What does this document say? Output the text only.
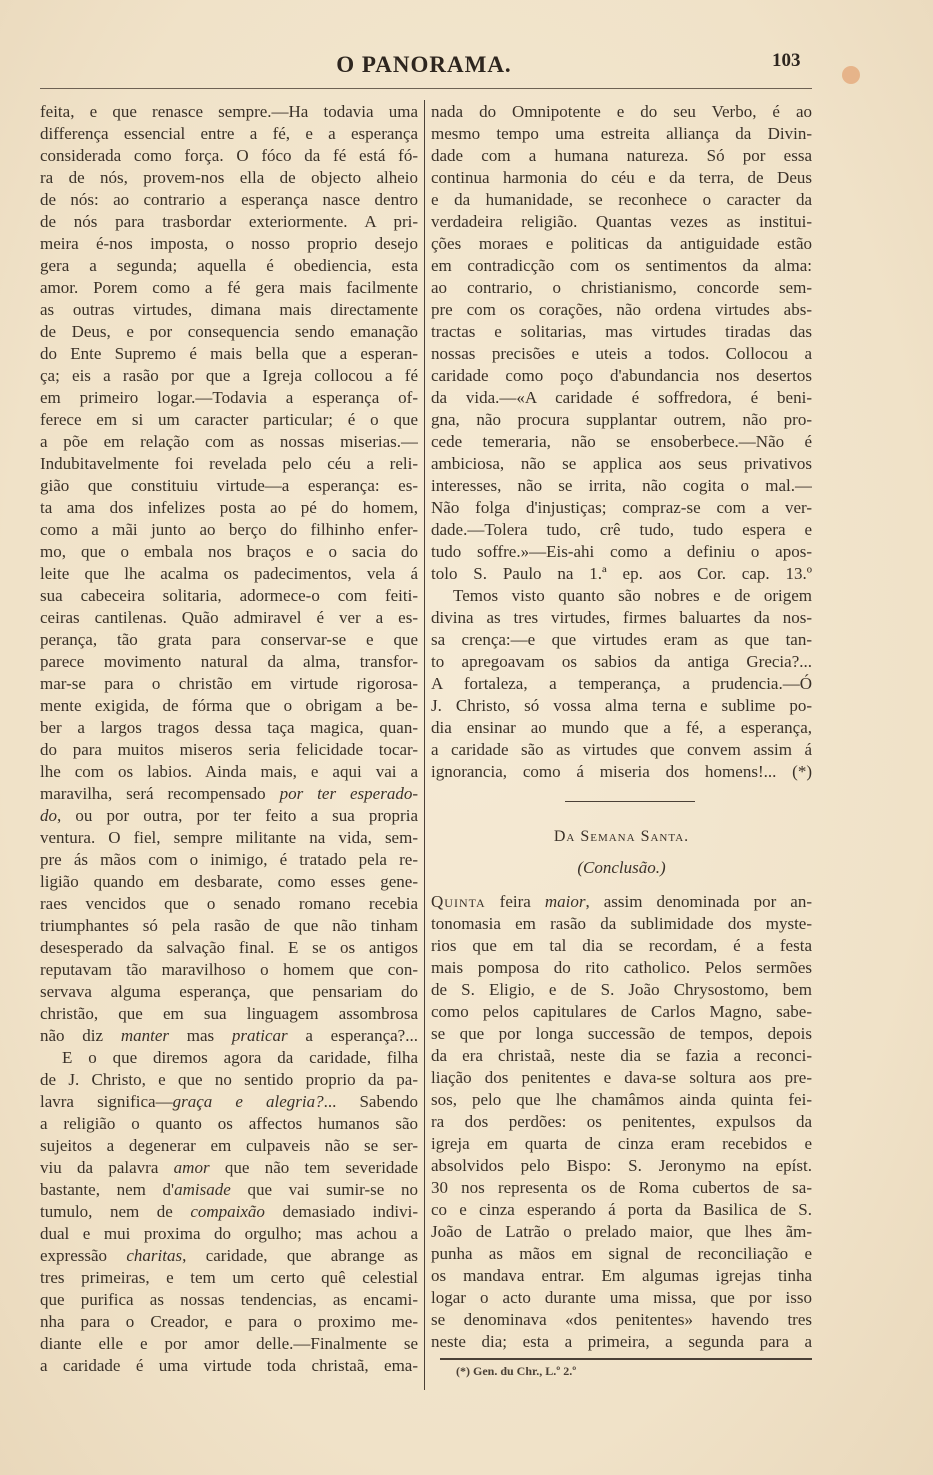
O PANORAMA.	103
feita, e que renasce sempre.—Ha todavia uma
differença essencial entre a fé, e a esperança
considerada como força. O fóco da fé está fó-
ra de nós, provem-nos ella de objecto alheio
de nós: ao contrario a esperança nasce dentro
de nós para trasbordar exteriormente. A pri-
meira é-nos imposta, o nosso proprio desejo
gera a segunda; aquella é obediencia, esta
amor. Porem como a fé gera mais facilmente
as outras virtudes, dimana mais directamente
de Deus, e por consequencia sendo emanação
do Ente Supremo é mais bella que a esperan-
ça; eis a rasão por que a Igreja collocou a fé
em primeiro logar.—Todavia a esperança of-
ferece em si um caracter particular; é o que
a põe em relação com as nossas miserias.—
Indubitavelmente foi revelada pelo céu a reli-
gião que constituiu virtude—a esperança: es-
ta ama dos infelizes posta ao pé do homem,
como a mãi junto ao berço do filhinho enfer-
mo, que o embala nos braços e o sacia do
leite que lhe acalma os padecimentos, vela á
sua cabeceira solitaria, adormece-o com feiti-
ceiras cantilenas. Quão admiravel é ver a es-
perança, tão grata para conservar-se e que
parece movimento natural da alma, transfor-
mar-se para o christão em virtude rigorosa-
mente exigida, de fórma que o obrigam a be-
ber a largos tragos dessa taça magica, quan-
do para muitos miseros seria felicidade tocar-
lhe com os labios. Ainda mais, e aqui vai a
maravilha, será recompensado por ter esperado-
do, ou por outra, por ter feito a sua propria
ventura. O fiel, sempre militante na vida, sem-
pre ás mãos com o inimigo, é tratado pela re-
ligião quando em desbarate, como esses gene-
raes vencidos que o senado romano recebia
triumphantes só pela rasão de que não tinham
desesperado da salvação final. E se os antigos
reputavam tão maravilhoso o homem que con-
servava alguma esperança, que pensariam do
christão, que em sua linguagem assombrosa
não diz manter mas praticar a esperança?...
E o que diremos agora da caridade, filha
de J. Christo, e que no sentido proprio da pa-
lavra significa—graça e alegria?... Sabendo
a religião o quanto os affectos humanos são
sujeitos a degenerar em culpaveis não se ser-
viu da palavra amor que não tem severidade
bastante, nem d'amisade que vai sumir-se no
tumulo, nem de compaixão demasiado indivi-
dual e mui proxima do orgulho; mas achou a
expressão charitas, caridade, que abrange as
tres primeiras, e tem um certo quê celestial
que purifica as nossas tendencias, as encami-
nha para o Creador, e para o proximo me-
diante elle e por amor delle.—Finalmente se
a caridade é uma virtude toda christaã, ema-
nada do Omnipotente e do seu Verbo, é ao
mesmo tempo uma estreita alliança da Divin-
dade com a humana natureza. Só por essa
continua harmonia do céu e da terra, de Deus
e da humanidade, se reconhece o caracter da
verdadeira religião. Quantas vezes as institui-
ções moraes e politicas da antiguidade estão
em contradicção com os sentimentos da alma:
ao contrario, o christianismo, concorde sem-
pre com os corações, não ordena virtudes abs-
tractas e solitarias, mas virtudes tiradas das
nossas precisões e uteis a todos. Collocou a
caridade como poço d'abundancia nos desertos
da vida.—«A caridade é soffredora, é beni-
gna, não procura supplantar outrem, não pro-
cede temeraria, não se ensoberbece.—Não é
ambiciosa, não se applica aos seus privativos
interesses, não se irrita, não cogita o mal.—
Não folga d'injustiças; compraz-se com a ver-
dade.—Tolera tudo, crê tudo, tudo espera e
tudo soffre.»—Eis-ahi como a definiu o apos-
tolo S. Paulo na 1.ª ep. aos Cor. cap. 13.º
Temos visto quanto são nobres e de origem
divina as tres virtudes, firmes baluartes da nos-
sa crença:—e que virtudes eram as que tan-
to apregoavam os sabios da antiga Grecia?...
A fortaleza, a temperança, a prudencia.—Ó
J. Christo, só vossa alma terna e sublime po-
dia ensinar ao mundo que a fé, a esperança,
a caridade são as virtudes que convem assim á
ignorancia, como á miseria dos homens!... (*)
Da Semana Santa.
(Conclusão.)
Quinta feira maior, assim denominada por an-
tonomasia em rasão da sublimidade dos myste-
rios que em tal dia se recordam, é a festa
mais pomposa do rito catholico. Pelos sermões
de S. Eligio, e de S. João Chrysostomo, bem
como pelos capitulares de Carlos Magno, sabe-
se que por longa successão de tempos, depois
da era christaã, neste dia se fazia a reconci-
liação dos penitentes e dava-se soltura aos pre-
sos, pelo que lhe chamâmos ainda quinta fei-
ra dos perdões: os penitentes, expulsos da
igreja em quarta de cinza eram recebidos e
absolvidos pelo Bispo: S. Jeronymo na epíst.
30 nos representa os de Roma cubertos de sa-
co e cinza esperando á porta da Basilica de S.
João de Latrão o prelado maior, que lhes ãm-
punha as mãos em signal de reconciliação e
os mandava entrar. Em algumas igrejas tinha
logar o acto durante uma missa, que por isso
se denominava «dos penitentes» havendo tres
neste dia; esta a primeira, a segunda para a
(*) Gen. du Chr., L.º 2.º
